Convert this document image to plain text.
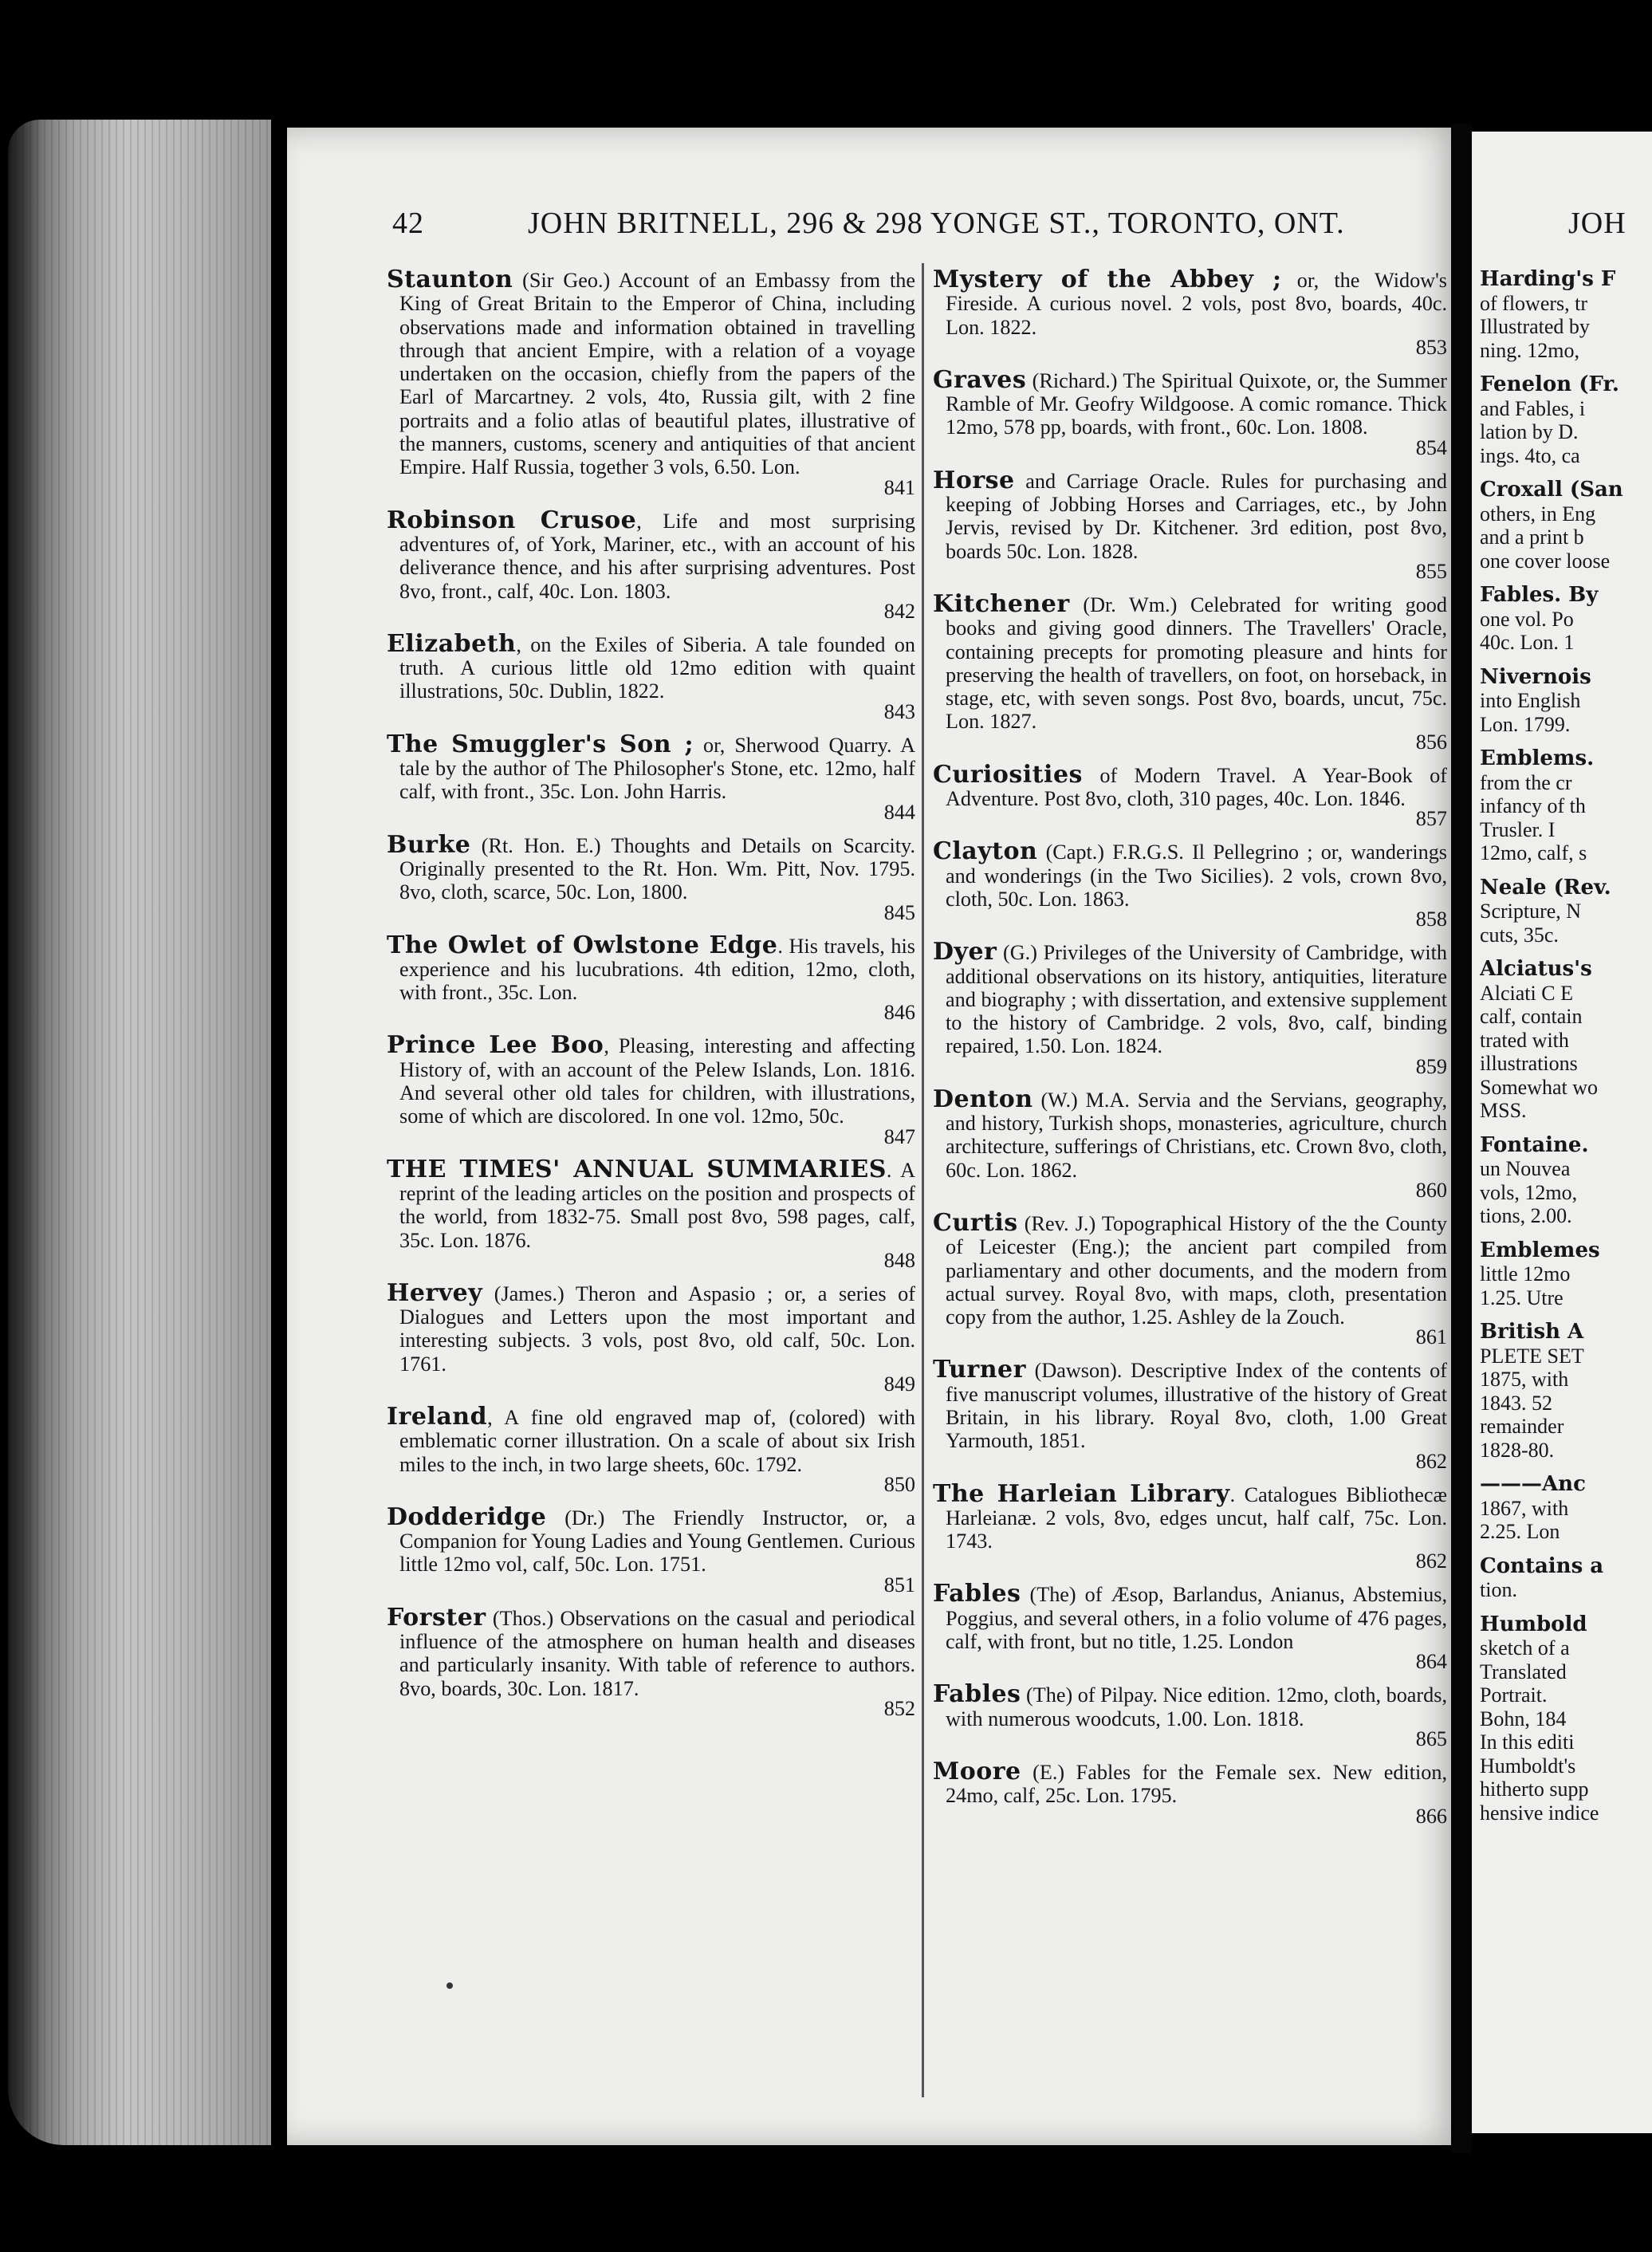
42	JOHN BRITNELL, 296 & 298 YONGE ST., TORONTO, ONT.	JOH
Staunton (Sir Geo.) Account of an Embassy from the King of Great Britain to the Emperor of China, including observations made and information obtained in travelling through that ancient Empire, with a relation of a voyage undertaken on the occasion, chiefly from the papers of the Earl of Marcartney. 2 vols, 4to, Russia gilt, with 2 fine portraits and a folio atlas of beautiful plates, illustrative of the manners, customs, scenery and antiquities of that ancient Empire. Half Russia, together 3 vols, 6.50. Lon.
841
Robinson Crusoe, Life and most surprising adventures of, of York, Mariner, etc., with an account of his deliverance thence, and his after surprising adventures. Post 8vo, front., calf, 40c. Lon. 1803.
842
Elizabeth, on the Exiles of Siberia. A tale founded on truth. A curious little old 12mo edition with quaint illustrations, 50c. Dublin, 1822.
843
The Smuggler's Son ; or, Sherwood Quarry. A tale by the author of The Philosopher's Stone, etc. 12mo, half calf, with front., 35c. Lon. John Harris.
844
Burke (Rt. Hon. E.) Thoughts and Details on Scarcity. Originally presented to the Rt. Hon. Wm. Pitt, Nov. 1795. 8vo, cloth, scarce, 50c. Lon, 1800.
845
The Owlet of Owlstone Edge. His travels, his experience and his lucubrations. 4th edition, 12mo, cloth, with front., 35c. Lon.
846
Prince Lee Boo, Pleasing, interesting and affecting History of, with an account of the Pelew Islands, Lon. 1816. And several other old tales for children, with illustrations, some of which are discolored. In one vol. 12mo, 50c.
847
THE TIMES' ANNUAL SUMMARIES. A reprint of the leading articles on the position and prospects of the world, from 1832-75. Small post 8vo, 598 pages, calf, 35c. Lon. 1876.
848
Hervey (James.) Theron and Aspasio ; or, a series of Dialogues and Letters upon the most important and interesting subjects. 3 vols, post 8vo, old calf, 50c. Lon. 1761.
849
Ireland, A fine old engraved map of, (colored) with emblematic corner illustration. On a scale of about six Irish miles to the inch, in two large sheets, 60c. 1792.
850
Dodderidge (Dr.) The Friendly Instructor, or, a Companion for Young Ladies and Young Gentlemen. Curious little 12mo vol, calf, 50c. Lon. 1751.
851
Forster (Thos.) Observations on the casual and periodical influence of the atmosphere on human health and diseases and particularly insanity. With table of reference to authors. 8vo, boards, 30c. Lon. 1817.
852
Mystery of the Abbey ; or, the Widow's Fireside. A curious novel. 2 vols, post 8vo, boards, 40c. Lon. 1822.
853
Graves (Richard.) The Spiritual Quixote, or, the Summer Ramble of Mr. Geofry Wildgoose. A comic romance. Thick 12mo, 578 pp, boards, with front., 60c. Lon. 1808.
854
Horse and Carriage Oracle. Rules for purchasing and keeping of Jobbing Horses and Carriages, etc., by John Jervis, revised by Dr. Kitchener. 3rd edition, post 8vo, boards 50c. Lon. 1828.
855
Kitchener (Dr. Wm.) Celebrated for writing good books and giving good dinners. The Travellers' Oracle, containing precepts for promoting pleasure and hints for preserving the health of travellers, on foot, on horseback, in stage, etc, with seven songs. Post 8vo, boards, uncut, 75c. Lon. 1827.
856
Curiosities of Modern Travel. A Year-Book of Adventure. Post 8vo, cloth, 310 pages, 40c. Lon. 1846.
857
Clayton (Capt.) F.R.G.S. Il Pellegrino ; or, wanderings and wonderings (in the Two Sicilies). 2 vols, crown 8vo, cloth, 50c. Lon. 1863.
858
Dyer (G.) Privileges of the University of Cambridge, with additional observations on its history, antiquities, literature and biography ; with dissertation, and extensive supplement to the history of Cambridge. 2 vols, 8vo, calf, binding repaired, 1.50. Lon. 1824.
859
Denton (W.) M.A. Servia and the Servians, geography, and history, Turkish shops, monasteries, agriculture, church architecture, sufferings of Christians, etc. Crown 8vo, cloth, 60c. Lon. 1862.
860
Curtis (Rev. J.) Topographical History of the the County of Leicester (Eng.); the ancient part compiled from parliamentary and other documents, and the modern from actual survey. Royal 8vo, with maps, cloth, presentation copy from the author, 1.25. Ashley de la Zouch.
861
Turner (Dawson). Descriptive Index of the contents of five manuscript volumes, illustrative of the history of Great Britain, in his library. Royal 8vo, cloth, 1.00 Great Yarmouth, 1851.
862
The Harleian Library. Catalogues Bibliothecæ Harleianæ. 2 vols, 8vo, edges uncut, half calf, 75c. Lon. 1743.
862
Fables (The) of Æsop, Barlandus, Anianus, Abstemius, Poggius, and several others, in a folio volume of 476 pages, calf, with front, but no title, 1.25. London
864
Fables (The) of Pilpay. Nice edition. 12mo, cloth, boards, with numerous woodcuts, 1.00. Lon. 1818.
865
Moore (E.) Fables for the Female sex. New edition, 24mo, calf, 25c. Lon. 1795.
866
Harding's F
of flowers, tr
Illustrated by
ning. 12mo,
Fenelon (Fr.
and Fables, i
lation by D.
ings. 4to, ca
Croxall (San
others, in Eng
and a print b
one cover loose
Fables. By
one vol. Po
40c. Lon. 1
Nivernois
into English
Lon. 1799.
Emblems.
from the cr
infancy of th
Trusler. I
12mo, calf, s
Neale (Rev.
Scripture, N
cuts, 35c.
Alciatus's
Alciati C E
calf, contain
trated with
illustrations
Somewhat wo
MSS.
Fontaine.
un Nouvea
vols, 12mo,
tions, 2.00.
Emblemes
little 12mo
1.25. Utre
British A
PLETE SET
1875, with
1843. 52
remainder
1828-80.
———Anc
1867, with
2.25. Lon
Contains a
tion.
Humbold
sketch of a
Translated
Portrait.
Bohn, 184
In this editi
Humboldt's
hitherto supp
hensive indice
